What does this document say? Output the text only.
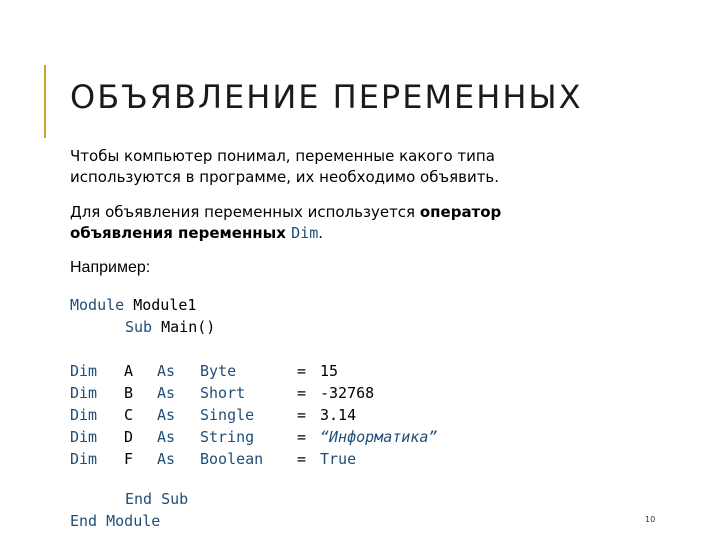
ОБЪЯВЛЕНИЕ ПЕРЕМЕННЫХ

Чтобы компьютер понимал, переменные какого типа
используются в программе, их необходимо объявить.

Для объявления переменных используется оператор
объявления переменных Dim.

Например:

Module Module1
Sub Main()
Dim A As Byte	= 15
Dim B As Short	= -32768
Dim C As Single	= 3.14
Dim D As String	= “Информатика”
Dim F As Boolean = True
End Sub
End Module	10
